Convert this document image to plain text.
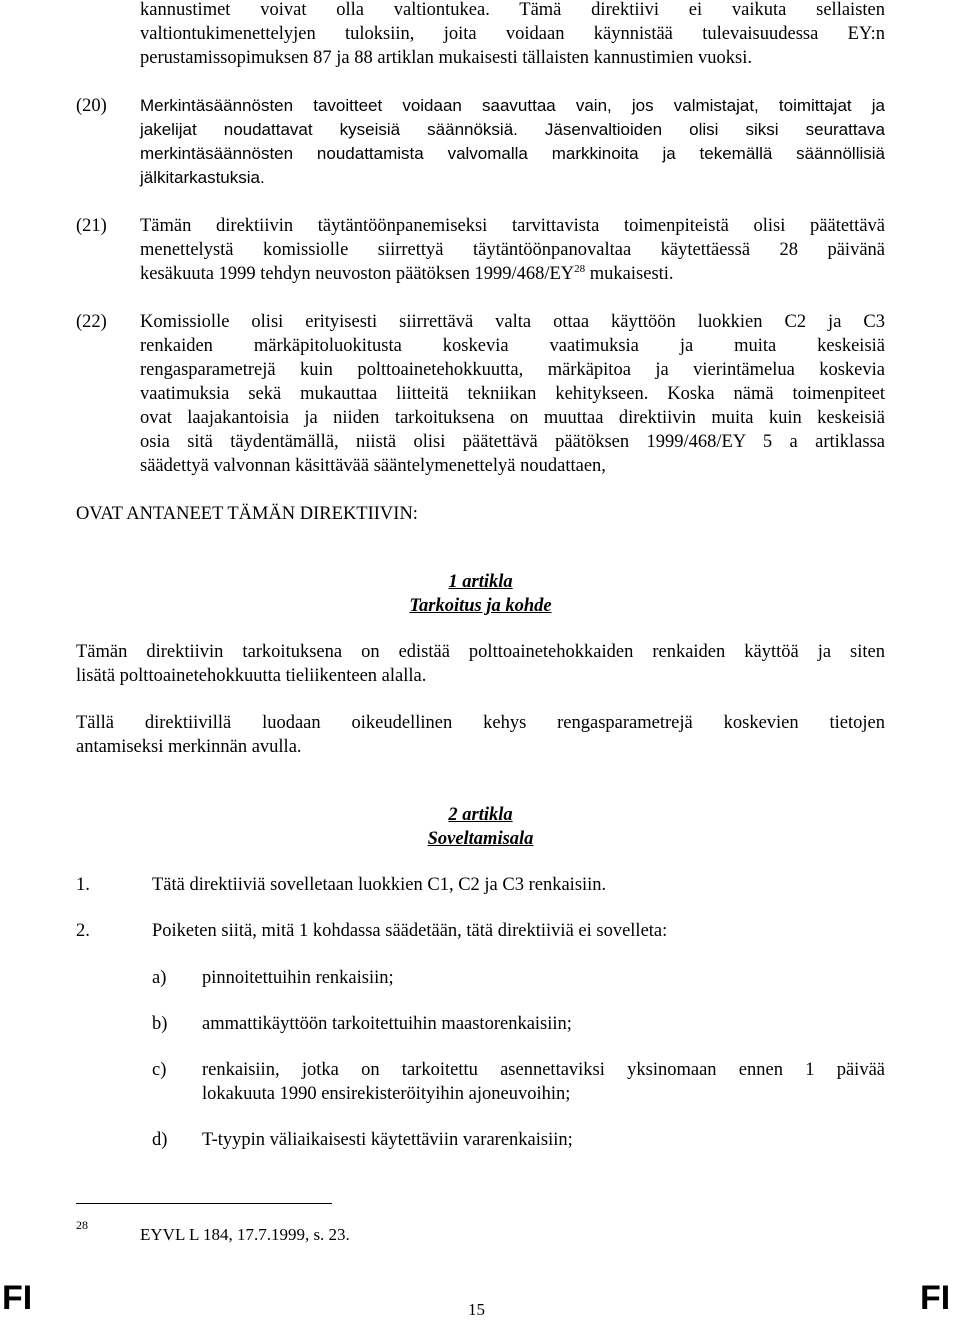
kannustimet voivat olla valtiontukea. Tämä direktiivi ei vaikuta sellaisten
valtiontukimenettelyjen tuloksiin, joita voidaan käynnistää tulevaisuudessa EY:n
perustamissopimuksen 87 ja 88 artiklan mukaisesti tällaisten kannustimien vuoksi.
(20) Merkintäsäännösten tavoitteet voidaan saavuttaa vain, jos valmistajat, toimittajat ja
jakelijat noudattavat kyseisiä säännöksiä. Jäsenvaltioiden olisi siksi seurattava
merkintäsäännösten noudattamista valvomalla markkinoita ja tekemällä säännöllisiä
jälkitarkastuksia.
(21) Tämän direktiivin täytäntöönpanemiseksi tarvittavista toimenpiteistä olisi päätettävä
menettelystä komissiolle siirrettyä täytäntöönpanovaltaa käytettäessä 28 päivänä
kesäkuuta 1999 tehdyn neuvoston päätöksen 1999/468/EY$^{28}$ mukaisesti.
(22) Komissiolle olisi erityisesti siirrettävä valta ottaa käyttöön luokkien C2 ja C3
renkaiden märkäpitoluokitusta koskevia vaatimuksia ja muita keskeisiä
rengasparametrejä kuin polttoainetehokkuutta, märkäpitoa ja vierintämelua koskevia
vaatimuksia sekä mukauttaa liitteitä tekniikan kehitykseen. Koska nämä toimenpiteet
ovat laajakantoisia ja niiden tarkoituksena on muuttaa direktiivin muita kuin keskeisiä
osia sitä täydentämällä, niistä olisi päätettävä päätöksen 1999/468/EY 5 a artiklassa
säädettyä valvonnan käsittävää sääntelymenettelyä noudattaen,
OVAT ANTANEET TÄMÄN DIREKTIIVIN:
1 artikla
Tarkoitus ja kohde
Tämän direktiivin tarkoituksena on edistää polttoainetehokkaiden renkaiden käyttöä ja siten
lisätä polttoainetehokkuutta tieliikenteen alalla.
Tällä direktiivillä luodaan oikeudellinen kehys rengasparametrejä koskevien tietojen
antamiseksi merkinnän avulla.
2 artikla
Soveltamisala
1.	Tätä direktiiviä sovelletaan luokkien C1, C2 ja C3 renkaisiin.
2.	Poiketen siitä, mitä 1 kohdassa säädetään, tätä direktiiviä ei sovelleta:
a) pinnoitettuihin renkaisiin;
b) ammattikäyttöön tarkoitettuihin maastorenkaisiin;
c) renkaisiin, jotka on tarkoitettu asennettaviksi yksinomaan ennen 1 päivää
lokakuuta 1990 ensirekisteröityihin ajoneuvoihin;
d) T-tyypin väliaikaisesti käytettäviin vararenkaisiin;
28	EYVL L 184, 17.7.1999, s. 23.
FI	15	FI
